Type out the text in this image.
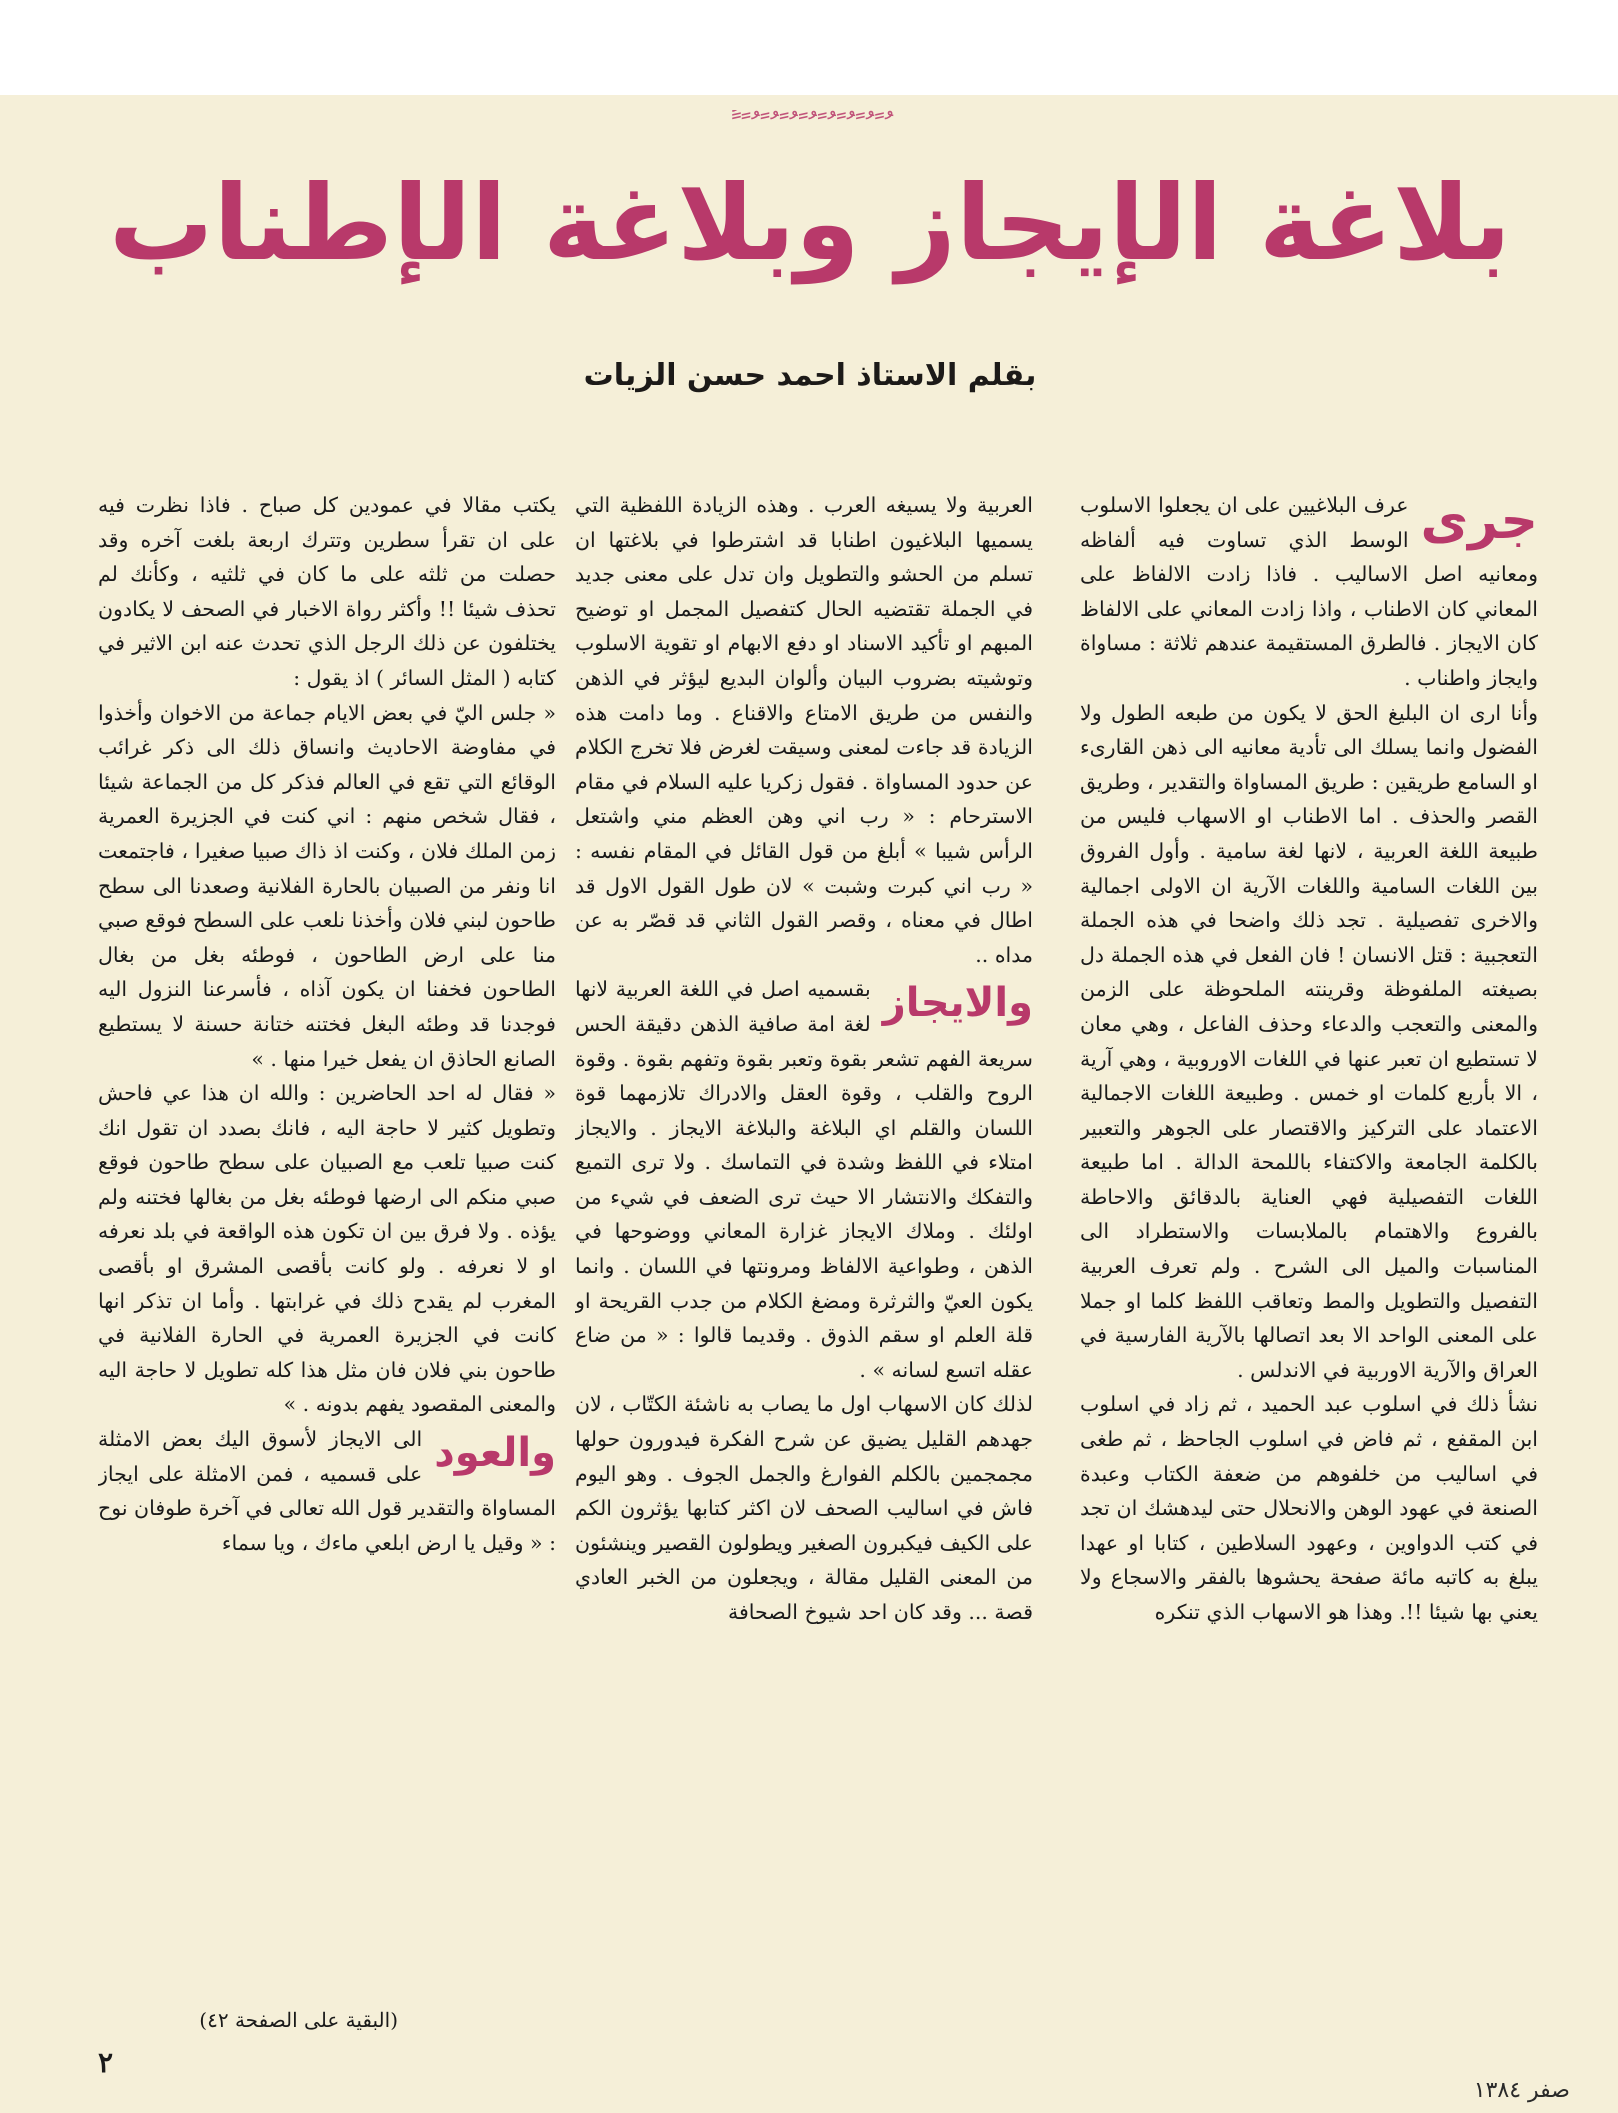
ً ُ ً ُ ً ُ ً ُ ً ُ ً ُ ً ُ ً ُ ً ُ
بلاغة الإيجاز وبلاغة الإطناب
بقلم الاستاذ احمد حسن الزيات
جرى

عرف البلاغيين على ان يجعلوا الاسلوب الوسط الذي تساوت فيه ألفاظه ومعانيه اصل الاساليب . فاذا زادت الالفاظ على المعاني كان الاطناب ، واذا زادت المعاني على الالفاظ كان الايجاز . فالطرق المستقيمة عندهم ثلاثة : مساواة وايجاز واطناب .

وأنا ارى ان البليغ الحق لا يكون من طبعه الطول ولا الفضول وانما يسلك الى تأدية معانيه الى ذهن القارىء او السامع طريقين : طريق المساواة والتقدير ، وطريق القصر والحذف . اما الاطناب او الاسهاب فليس من طبيعة اللغة العربية ، لانها لغة سامية . وأول الفروق بين اللغات السامية واللغات الآرية ان الاولى اجمالية والاخرى تفصيلية . تجد ذلك واضحا في هذه الجملة التعجبية : قتل الانسان ! فان الفعل في هذه الجملة دل بصيغته الملفوظة وقرينته الملحوظة على الزمن والمعنى والتعجب والدعاء وحذف الفاعل ، وهي معان لا تستطيع ان تعبر عنها في اللغات الاوروبية ، وهي آرية ، الا بأربع كلمات او خمس . وطبيعة اللغات الاجمالية الاعتماد على التركيز والاقتصار على الجوهر والتعبير بالكلمة الجامعة والاكتفاء باللمحة الدالة . اما طبيعة اللغات التفصيلية فهي العناية بالدقائق والاحاطة بالفروع والاهتمام بالملابسات والاستطراد الى المناسبات والميل الى الشرح . ولم تعرف العربية التفصيل والتطويل والمط وتعاقب اللفظ كلما او جملا على المعنى الواحد الا بعد اتصالها بالآرية الفارسية في العراق والآرية الاوربية في الاندلس .

نشأ ذلك في اسلوب عبد الحميد ، ثم زاد في اسلوب ابن المقفع ، ثم فاض في اسلوب الجاحظ ، ثم طغى في اساليب من خلفوهم من ضعفة الكتاب وعبدة الصنعة في عهود الوهن والانحلال حتى ليدهشك ان تجد في كتب الدواوين ، وعهود السلاطين ، كتابا او عهدا يبلغ به كاتبه مائة صفحة يحشوها بالفقر والاسجاع ولا يعني بها شيئا !!. وهذا هو الاسهاب الذي تنكره

العربية ولا يسيغه العرب . وهذه الزيادة اللفظية التي يسميها البلاغيون اطنابا قد اشترطوا في بلاغتها ان تسلم من الحشو والتطويل وان تدل على معنى جديد في الجملة تقتضيه الحال كتفصيل المجمل او توضيح المبهم او تأكيد الاسناد او دفع الابهام او تقوية الاسلوب وتوشيته بضروب البيان وألوان البديع ليؤثر في الذهن والنفس من طريق الامتاع والاقناع . وما دامت هذه الزيادة قد جاءت لمعنى وسيقت لغرض فلا تخرج الكلام عن حدود المساواة . فقول زكريا عليه السلام في مقام الاسترحام : « رب اني وهن العظم مني واشتعل الرأس شيبا » أبلغ من قول القائل في المقام نفسه : « رب اني كبرت وشبت » لان طول القول الاول قد اطال في معناه ، وقصر القول الثاني قد قصّر به عن مداه ..

والايجاز

بقسميه اصل في اللغة العربية لانها لغة امة صافية الذهن دقيقة الحس سريعة الفهم تشعر بقوة وتعبر بقوة وتفهم بقوة . وقوة الروح والقلب ، وقوة العقل والادراك تلازمهما قوة اللسان والقلم اي البلاغة والبلاغة الايجاز . والايجاز امتلاء في اللفظ وشدة في التماسك . ولا ترى التميع والتفكك والانتشار الا حيث ترى الضعف في شيء من اولئك . وملاك الايجاز غزارة المعاني ووضوحها في الذهن ، وطواعية الالفاظ ومرونتها في اللسان . وانما يكون العيّ والثرثرة ومضغ الكلام من جدب القريحة او قلة العلم او سقم الذوق . وقديما قالوا : « من ضاع عقله اتسع لسانه » .

لذلك كان الاسهاب اول ما يصاب به ناشئة الكتّاب ، لان جهدهم القليل يضيق عن شرح الفكرة فيدورون حولها مجمجمين بالكلم الفوارغ والجمل الجوف . وهو اليوم فاش في اساليب الصحف لان اكثر كتابها يؤثرون الكم على الكيف فيكبرون الصغير ويطولون القصير وينشئون من المعنى القليل مقالة ، ويجعلون من الخبر العادي قصة ... وقد كان احد شيوخ الصحافة

يكتب مقالا في عمودين كل صباح . فاذا نظرت فيه على ان تقرأ سطرين وتترك اربعة بلغت آخره وقد حصلت من ثلثه على ما كان في ثلثيه ، وكأنك لم تحذف شيئا !! وأكثر رواة الاخبار في الصحف لا يكادون يختلفون عن ذلك الرجل الذي تحدث عنه ابن الاثير في كتابه ( المثل السائر ) اذ يقول :

« جلس اليّ في بعض الايام جماعة من الاخوان وأخذوا في مفاوضة الاحاديث وانساق ذلك الى ذكر غرائب الوقائع التي تقع في العالم فذكر كل من الجماعة شيئا ، فقال شخص منهم : اني كنت في الجزيرة العمرية زمن الملك فلان ، وكنت اذ ذاك صبيا صغيرا ، فاجتمعت انا ونفر من الصبيان بالحارة الفلانية وصعدنا الى سطح طاحون لبني فلان وأخذنا نلعب على السطح فوقع صبي منا على ارض الطاحون ، فوطئه بغل من بغال الطاحون فخفنا ان يكون آذاه ، فأسرعنا النزول اليه فوجدنا قد وطئه البغل فختنه ختانة حسنة لا يستطيع الصانع الحاذق ان يفعل خيرا منها . »

« فقال له احد الحاضرين : والله ان هذا عي فاحش وتطويل كثير لا حاجة اليه ، فانك بصدد ان تقول انك كنت صبيا تلعب مع الصبيان على سطح طاحون فوقع صبي منكم الى ارضها فوطئه بغل من بغالها فختنه ولم يؤذه . ولا فرق بين ان تكون هذه الواقعة في بلد نعرفه او لا نعرفه . ولو كانت بأقصى المشرق او بأقصى المغرب لم يقدح ذلك في غرابتها . وأما ان تذكر انها كانت في الجزيرة العمرية في الحارة الفلانية في طاحون بني فلان فان مثل هذا كله تطويل لا حاجة اليه والمعنى المقصود يفهم بدونه . »

والعود

الى الايجاز لأسوق اليك بعض الامثلة على قسميه ، فمن الامثلة على ايجاز المساواة والتقدير قول الله تعالى في آخرة طوفان نوح : « وقيل يا ارض ابلعي ماءك ، ويا سماء

(البقية على الصفحة ٤٢)
٢
صفر ١٣٨٤
